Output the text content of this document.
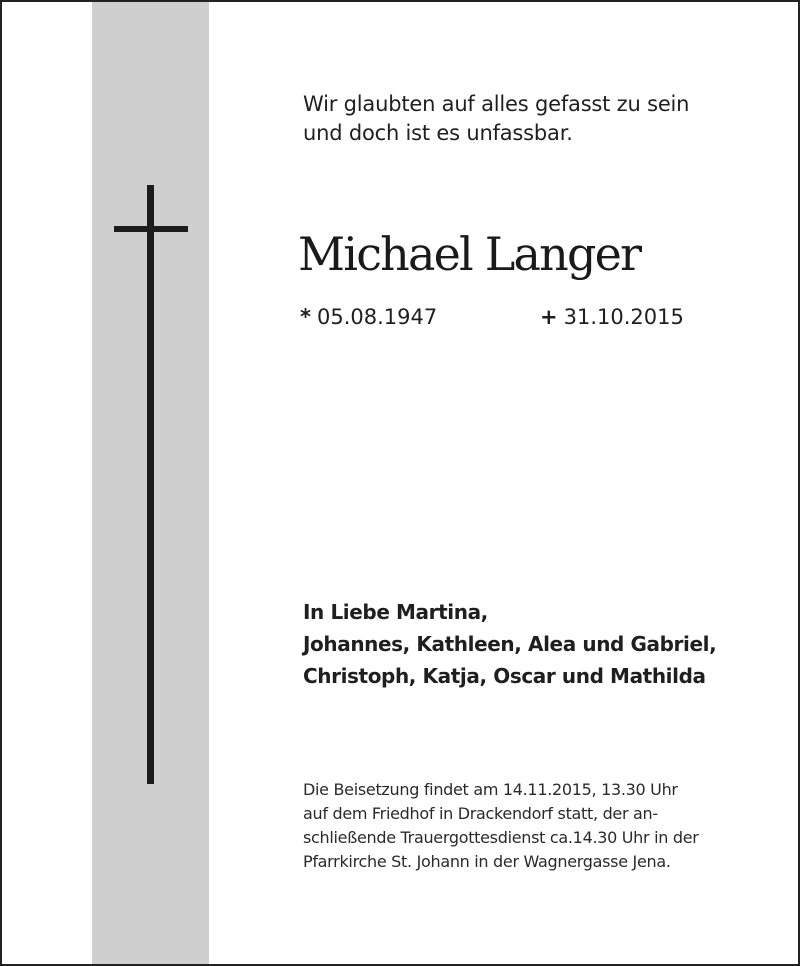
Wir glaubten auf alles gefasst zu sein
und doch ist es unfassbar.
Michael Langer
* 05.08.1947	+ 31.10.2015
In Liebe Martina,
Johannes, Kathleen, Alea und Gabriel,
Christoph, Katja, Oscar und Mathilda
Die Beisetzung findet am 14.11.2015, 13.30 Uhr
auf dem Friedhof in Drackendorf statt, der an-
schließende Trauergottesdienst ca.14.30 Uhr in der
Pfarrkirche St. Johann in der Wagnergasse Jena.
